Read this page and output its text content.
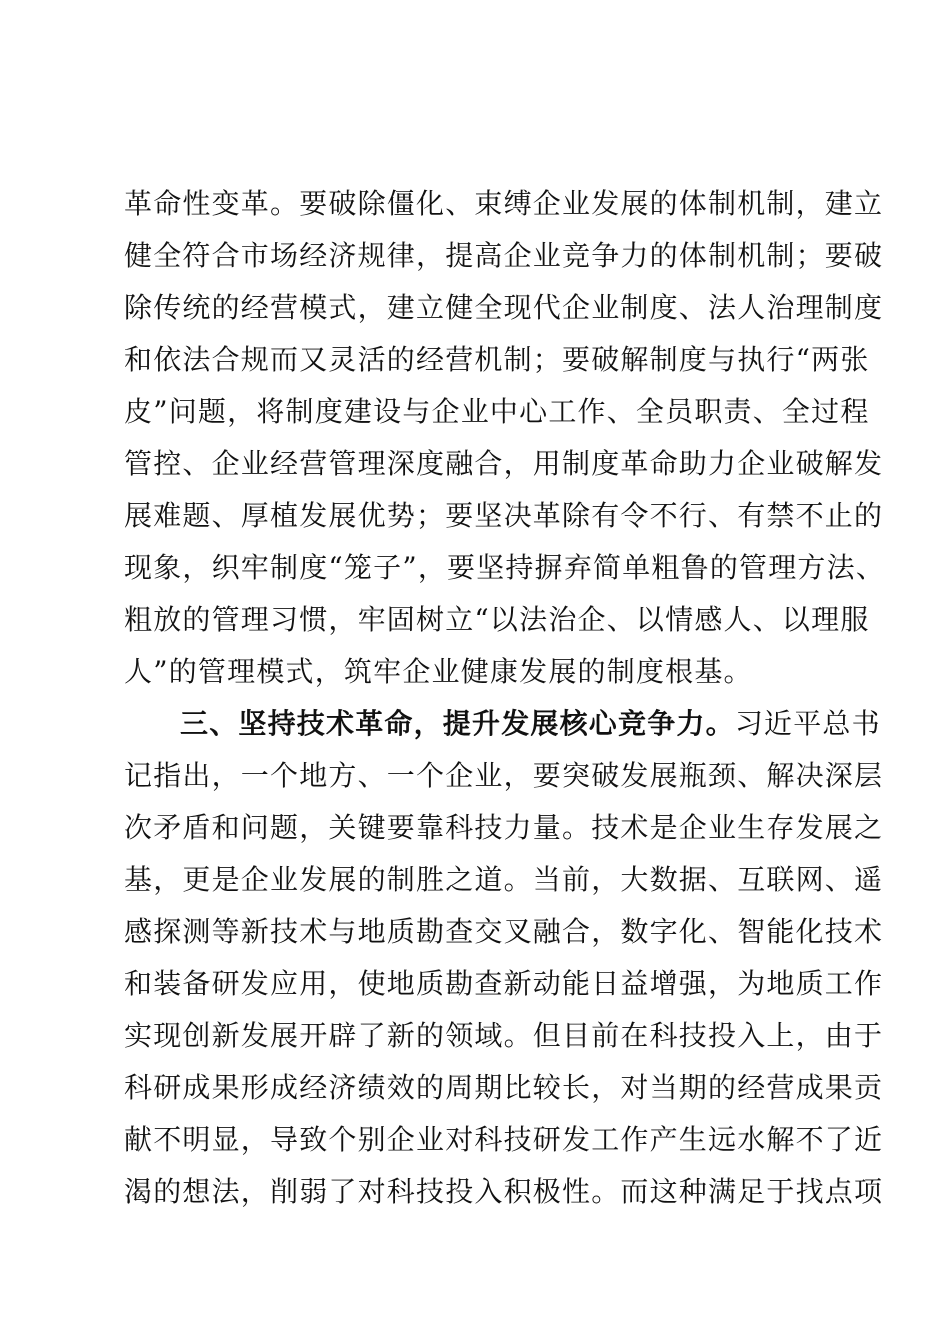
革命性变革。要破除僵化、束缚企业发展的体制机制，建立
健全符合市场经济规律，提高企业竞争力的体制机制；要破
除传统的经营模式，建立健全现代企业制度、法人治理制度
和依法合规而又灵活的经营机制；要破解制度与执行“两张
皮”问题，将制度建设与企业中心工作、全员职责、全过程
管控、企业经营管理深度融合，用制度革命助力企业破解发
展难题、厚植发展优势；要坚决革除有令不行、有禁不止的
现象，织牢制度“笼子”，要坚持摒弃简单粗鲁的管理方法、
粗放的管理习惯，牢固树立“以法治企、以情感人、以理服
人”的管理模式，筑牢企业健康发展的制度根基。
三、坚持技术革命，提升发展核心竞争力。习近平总书
记指出，一个地方、一个企业，要突破发展瓶颈、解决深层
次矛盾和问题，关键要靠科技力量。技术是企业生存发展之
基，更是企业发展的制胜之道。当前，大数据、互联网、遥
感探测等新技术与地质勘查交叉融合，数字化、智能化技术
和装备研发应用，使地质勘查新动能日益增强，为地质工作
实现创新发展开辟了新的领域。但目前在科技投入上，由于
科研成果形成经济绩效的周期比较长，对当期的经营成果贡
献不明显，导致个别企业对科技研发工作产生远水解不了近
渴的想法，削弱了对科技投入积极性。而这种满足于找点项
